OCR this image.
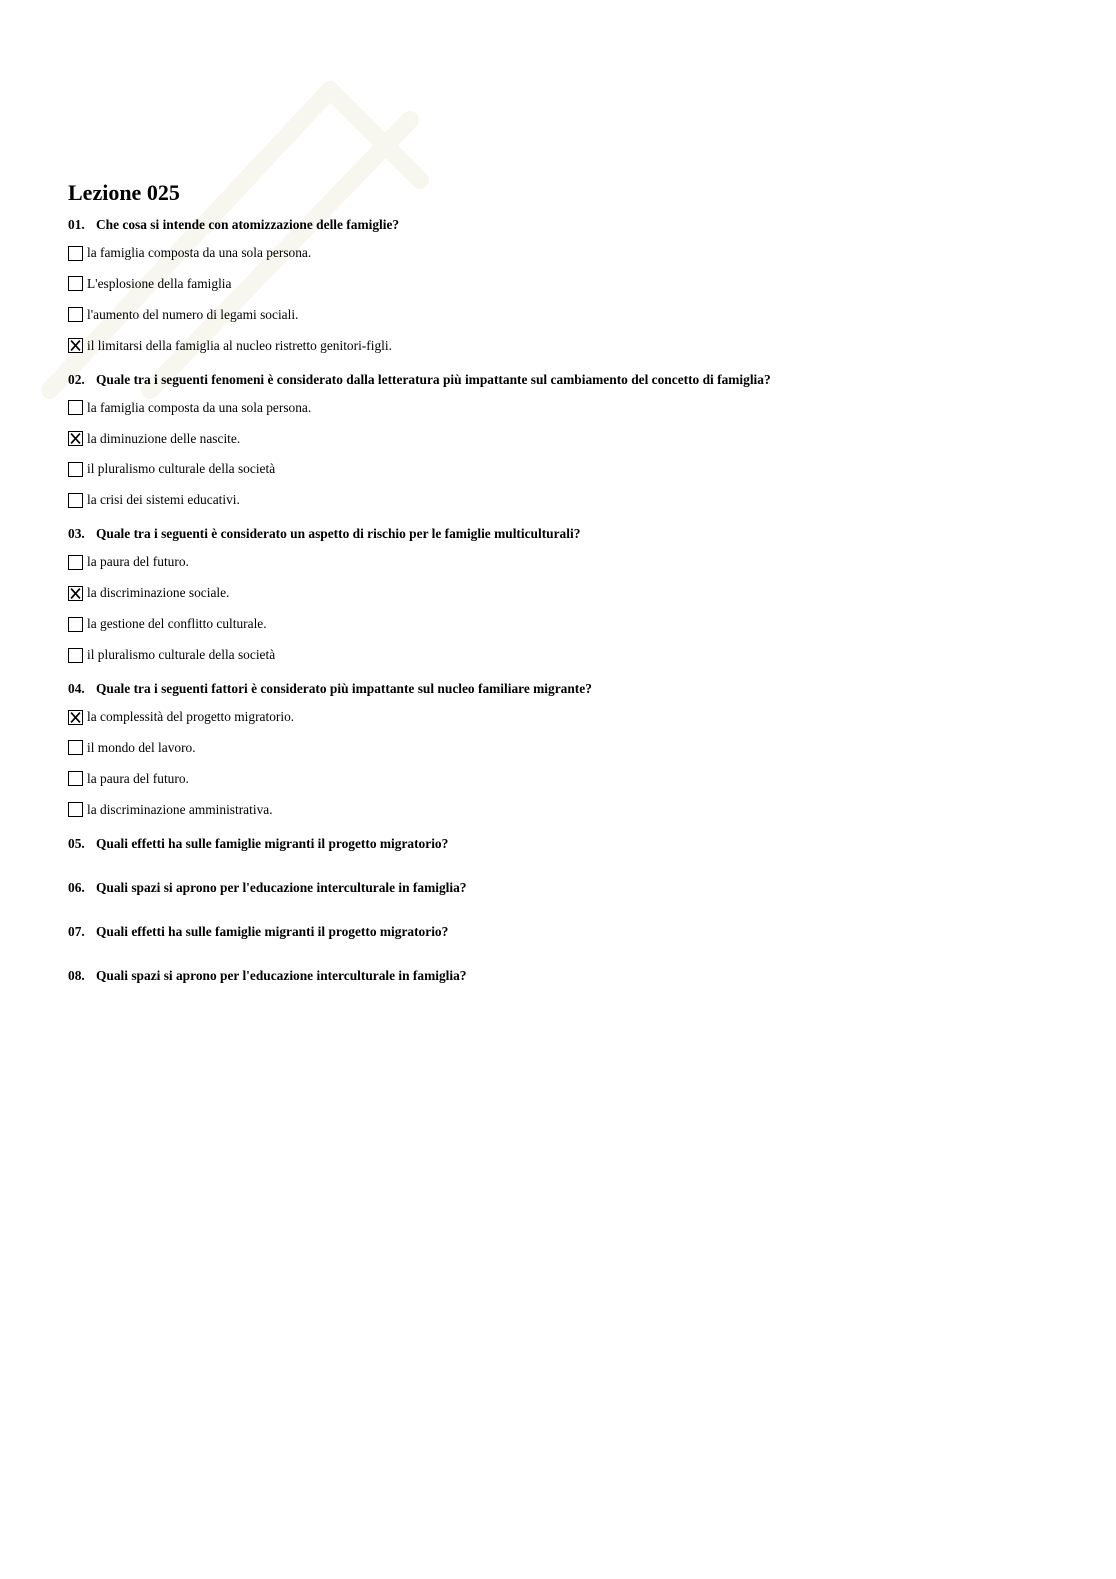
Lezione 025
01. Che cosa si intende con atomizzazione delle famiglie?
la famiglia composta da una sola persona.
L'esplosione della famiglia
l'aumento del numero di legami sociali.
il limitarsi della famiglia al nucleo ristretto genitori-figli.
02. Quale tra i seguenti fenomeni è considerato dalla letteratura più impattante sul cambiamento del concetto di famiglia?
la famiglia composta da una sola persona.
la diminuzione delle nascite.
il pluralismo culturale della società
la crisi dei sistemi educativi.
03. Quale tra i seguenti è considerato un aspetto di rischio per le famiglie multiculturali?
la paura del futuro.
la discriminazione sociale.
la gestione del conflitto culturale.
il pluralismo culturale della società
04. Quale tra i seguenti fattori è considerato più impattante sul nucleo familiare migrante?
la complessità del progetto migratorio.
il mondo del lavoro.
la paura del futuro.
la discriminazione amministrativa.
05. Quali effetti ha sulle famiglie migranti il progetto migratorio?
06. Quali spazi si aprono per l'educazione interculturale in famiglia?
07. Quali effetti ha sulle famiglie migranti il progetto migratorio?
08. Quali spazi si aprono per l'educazione interculturale in famiglia?
